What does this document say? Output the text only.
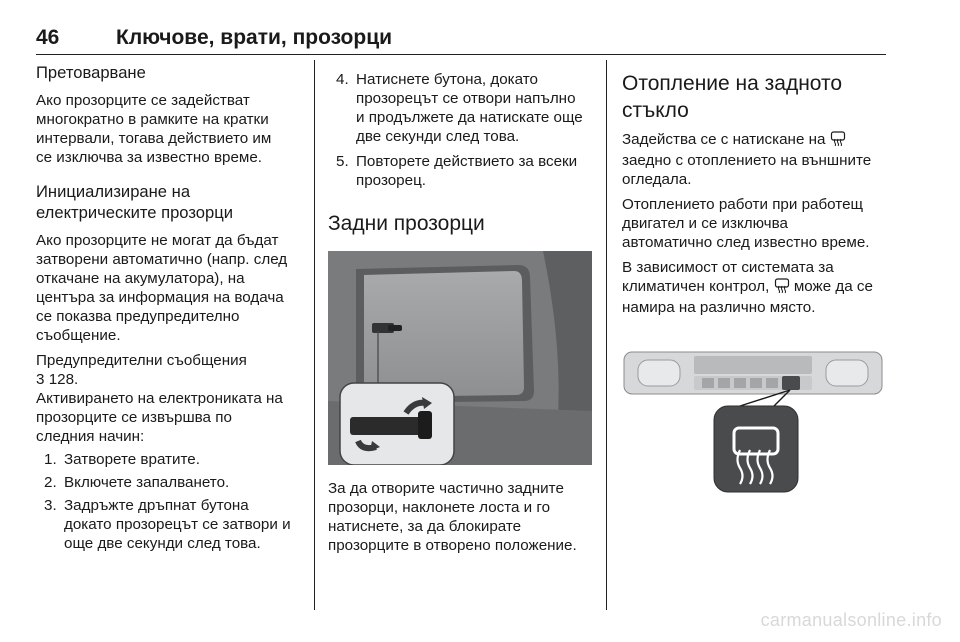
46	Ключове, врати, прозорци
Претоварване

Ако прозорците се задействат

многократно в рамките на кратки

интервали, тогава действието им

се изключва за известно време.

Инициализиране на
електрическите прозорци

Ако прозорците не могат да бъдат

затворени автоматично (напр. след

откачане на акумулатора), на

центъра за информация на водача

се показва предупредително

съобщение.

Предупредителни съобщения

3 128.

Активирането на електрониката на

прозорците се извършва по

следния начин:

1. Затворете вратите.
2. Включете запалването.
3. Задръжте дръпнат бутона
докато прозорецът се затвори и
още две секунди след това.
4. Натиснете бутона, докато
прозорецът се отвори напълно
и продължете да натискате още
две секунди след това.
5. Повторете действието за всеки
прозорец.
Задни прозорци

За да отворите частично задните

прозорци, наклонете лоста и го

натиснете, за да блокирате

прозорците в отворено положение.

Отопление на задното
стъкло

Задейства се с натискане на

заедно с отоплението на външните

огледала.

Отоплението работи при работещ

двигател и се изключва

автоматично след известно време.

В зависимост от системата за

климатичен контрол, може да се

намира на различно място.

carmanualsonline.info
